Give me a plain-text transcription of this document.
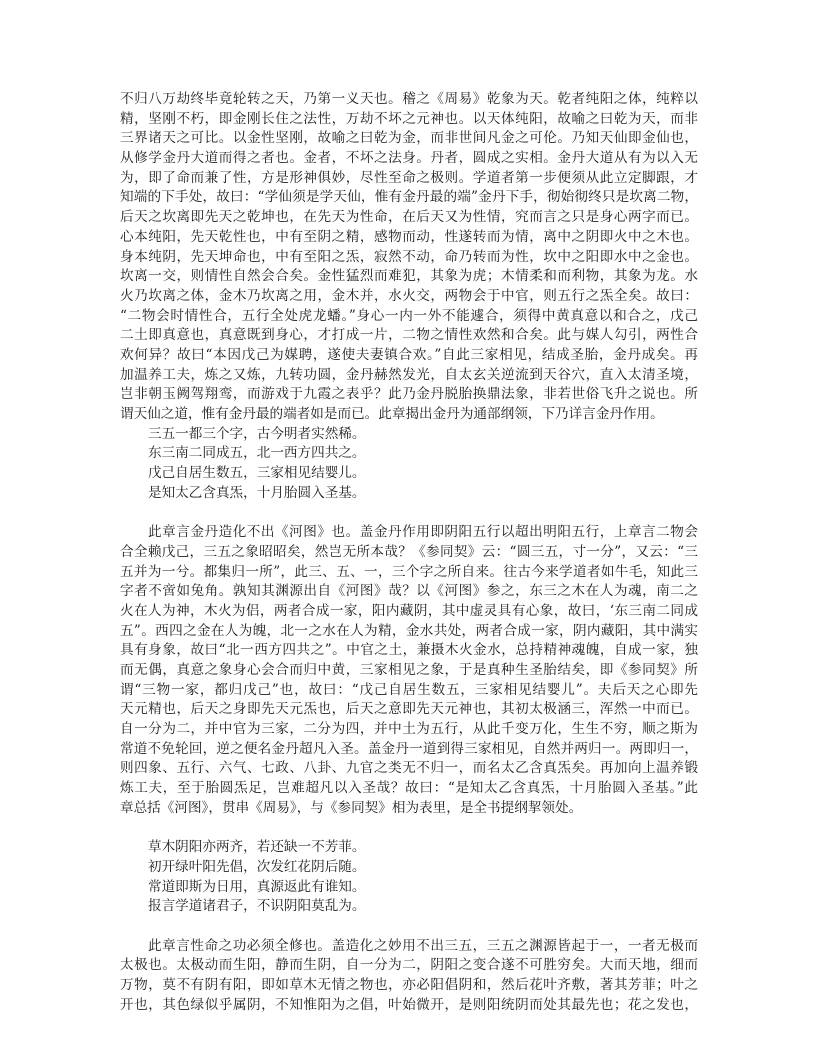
不归八万劫终毕竟轮转之天，乃第一义天也。稽之《周易》乾象为天。乾者纯阳之体，纯粹以
精，坚刚不朽，即金刚长住之法性，万劫不坏之元神也。以天体纯阳，故喻之曰乾为天，而非
三界诸天之可比。以金性坚刚，故喻之曰乾为金，而非世间凡金之可伦。乃知天仙即金仙也，
从修学金丹大道而得之者也。金者，不坏之法身。丹者，圆成之实相。金丹大道从有为以入无
为，即了命而兼了性，方是形神俱妙，尽性至命之极则。学道者第一步便须从此立定脚跟，才
知端的下手处，故曰：“学仙须是学天仙，惟有金丹最的端”金丹下手，彻始彻终只是坎离二物，
后天之坎离即先天之乾坤也，在先天为性命，在后天又为性情，究而言之只是身心两字而已。
心本纯阳，先天乾性也，中有至阴之精，感物而动，性遂转而为情，离中之阴即火中之木也。
身本纯阴，先天坤命也，中有至阳之炁，寂然不动，命乃转而为性，坎中之阳即水中之金也。
坎离一交，则情性自然会合矣。金性猛烈而难犯，其象为虎；木情柔和而利物，其象为龙。水
火乃坎离之体，金木乃坎离之用，金木并，水火交，两物会于中官，则五行之炁全矣。故曰：
“二物会时情性合，五行全处虎龙蟠。”身心一内一外不能遽合，须得中黄真意以和合之，戊己
二土即真意也，真意既到身心，才打成一片，二物之情性欢然和合矣。此与媒人勾引，两性合
欢何异？故曰“本因戊己为媒聘，遂使夫妻镇合欢。”自此三家相见，结成圣胎，金丹成矣。再
加温养工夫，炼之又炼，九转功圆，金丹赫然发光，自太玄关逆流到天谷穴，直入太清圣境，
岂非朝玉阙驾翔鸾，而游戏于九霞之表乎？此乃金丹脱胎换鼎法象，非若世俗飞升之说也。所
谓天仙之道，惟有金丹最的端者如是而已。此章揭出金丹为通部纲领，下乃详言金丹作用。
三五一都三个字，古今明者实然稀。
东三南二同成五，北一西方四共之。
戊己自居生数五，三家相见结婴儿。
是知太乙含真炁，十月胎圆入圣基。
此章言金丹造化不出《河图》也。盖金丹作用即阴阳五行以超出明阳五行，上章言二物会
合全赖戊己，三五之象昭昭矣，然岂无所本哉？《参同契》云：“圆三五，寸一分”，又云：“三
五并为一兮。都集归一所”，此三、五、一，三个字之所自来。往古今来学道者如牛毛，知此三
字者不啻如兔角。孰知其渊源出自《河图》哉？以《河图》参之，东三之木在人为魂，南二之
火在人为神，木火为侣，两者合成一家，阳内藏阴，其中虚灵具有心象，故曰，‘东三南二同成
五”。西四之金在人为魄，北一之水在人为精，金水共处，两者合成一家，阴内藏阳，其中满实
具有身象，故曰“北一西方四共之”。中官之土，兼摄木火金水，总持精神魂魄，自成一家，独
而无偶，真意之象身心会合而归中黄，三家相见之象，于是真种生圣胎结矣，即《参同契》所
谓“三物一家，都归戊己”也，故曰：“戊己自居生数五，三家相见结婴儿”。夫后天之心即先
天元精也，后天之身即先天元炁也，后天之意即先天元神也，其初太极涵三，浑然一中而已。
自一分为二，并中官为三家，二分为四，并中土为五行，从此千变万化，生生不穷，顺之斯为
常道不免轮回，逆之便名金丹超凡入圣。盖金丹一道到得三家相见，自然并两归一。两即归一，
则四象、五行、六气、七政、八卦、九官之类无不归一，而名太乙含真炁矣。再加向上温养锻
炼工夫，至于胎圆炁足，岂难超凡以入圣哉？故曰：“是知太乙含真炁，十月胎圆入圣基。”此
章总括《河图》，贯串《周易》，与《参同契》相为表里，是全书提纲挈领处。
草木阴阳亦两齐，若还缺一不芳菲。
初开绿叶阳先倡，次发红花阴后随。
常道即斯为日用，真源返此有谁知。
报言学道诸君子，不识阴阳莫乱为。
此章言性命之功必须全修也。盖造化之妙用不出三五，三五之渊源皆起于一，一者无极而
太极也。太极动而生阳，静而生阴，自一分为二，阴阳之变合遂不可胜穷矣。大而天地，细而
万物，莫不有阴有阳，即如草木无情之物也，亦必阳倡阴和，然后花叶齐敷，著其芳菲；叶之
开也，其色绿似乎属阴，不知惟阳为之倡，叶始微开，是则阳统阴而处其最先也；花之发也，
